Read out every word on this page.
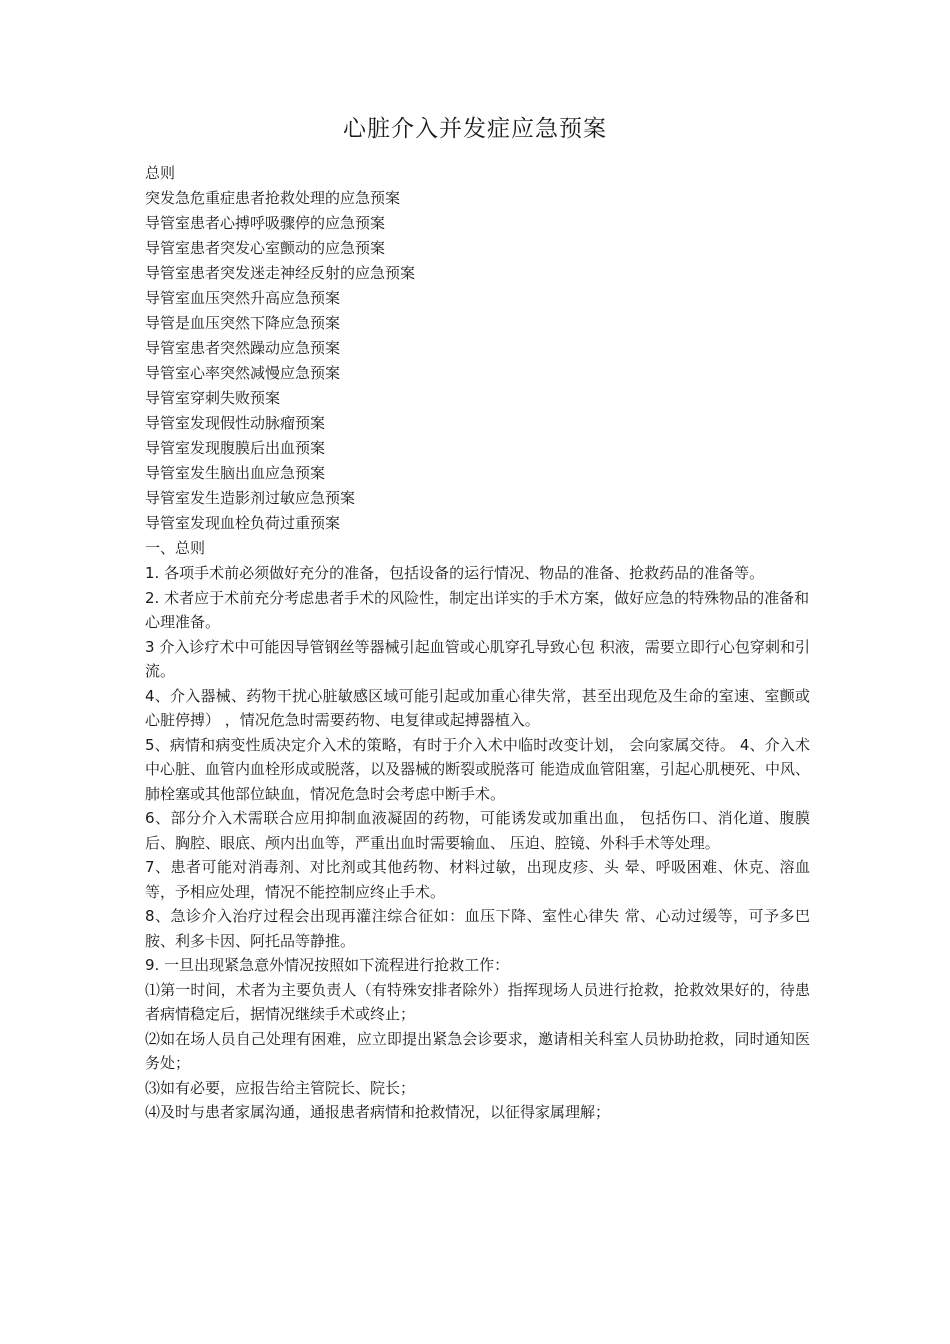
心脏介入并发症应急预案

总则

突发急危重症患者抢救处理的应急预案

导管室患者心搏呼吸骤停的应急预案

导管室患者突发心室颤动的应急预案

导管室患者突发迷走神经反射的应急预案

导管室血压突然升高应急预案

导管是血压突然下降应急预案

导管室患者突然躁动应急预案

导管室心率突然减慢应急预案

导管室穿刺失败预案

导管室发现假性动脉瘤预案

导管室发现腹膜后出血预案

导管室发生脑出血应急预案

导管室发生造影剂过敏应急预案

导管室发现血栓负荷过重预案

一、总则

1. 各项手术前必须做好充分的准备，包括设备的运行情况、物品的准备、抢救药品的准备等。

2. 术者应于术前充分考虑患者手术的风险性，制定出详实的手术方案，做好应急的特殊物品的准备和

心理准备。

3 介入诊疗术中可能因导管钢丝等器械引起血管或心肌穿孔导致心包 积液，需要立即行心包穿刺和引流。

4、介入器械、药物干扰心脏敏感区域可能引起或加重心律失常，甚至出现危及生命的室速、室颤或心脏停搏） ，情况危急时需要药物、电复律或起搏器植入。

5、病情和病变性质决定介入术的策略，有时于介入术中临时改变计划， 会向家属交待。 4、介入术中心脏、血管内血栓形成或脱落，以及器械的断裂或脱落可 能造成血管阻塞，引起心肌梗死、中风、肺栓塞或其他部位缺血，情况危急时会考虑中断手术。

6、部分介入术需联合应用抑制血液凝固的药物，可能诱发或加重出血， 包括伤口、消化道、腹膜后、胸腔、眼底、颅内出血等，严重出血时需要输血、 压迫、腔镜、外科手术等处理。

7、患者可能对消毒剂、对比剂或其他药物、材料过敏，出现皮疹、头 晕、呼吸困难、休克、溶血等，予相应处理，情况不能控制应终止手术。

8、急诊介入治疗过程会出现再灌注综合征如：血压下降、室性心律失 常、心动过缓等，可予多巴胺、利多卡因、阿托品等静推。

9. 一旦出现紧急意外情况按照如下流程进行抢救工作：

⑴第一时间，术者为主要负责人（有特殊安排者除外）指挥现场人员进行抢救，抢救效果好的，待患者病情稳定后，据情况继续手术或终止；

⑵如在场人员自己处理有困难，应立即提出紧急会诊要求，邀请相关科室人员协助抢救，同时通知医务处；

⑶如有必要，应报告给主管院长、院长；

⑷及时与患者家属沟通，通报患者病情和抢救情况，以征得家属理解；
